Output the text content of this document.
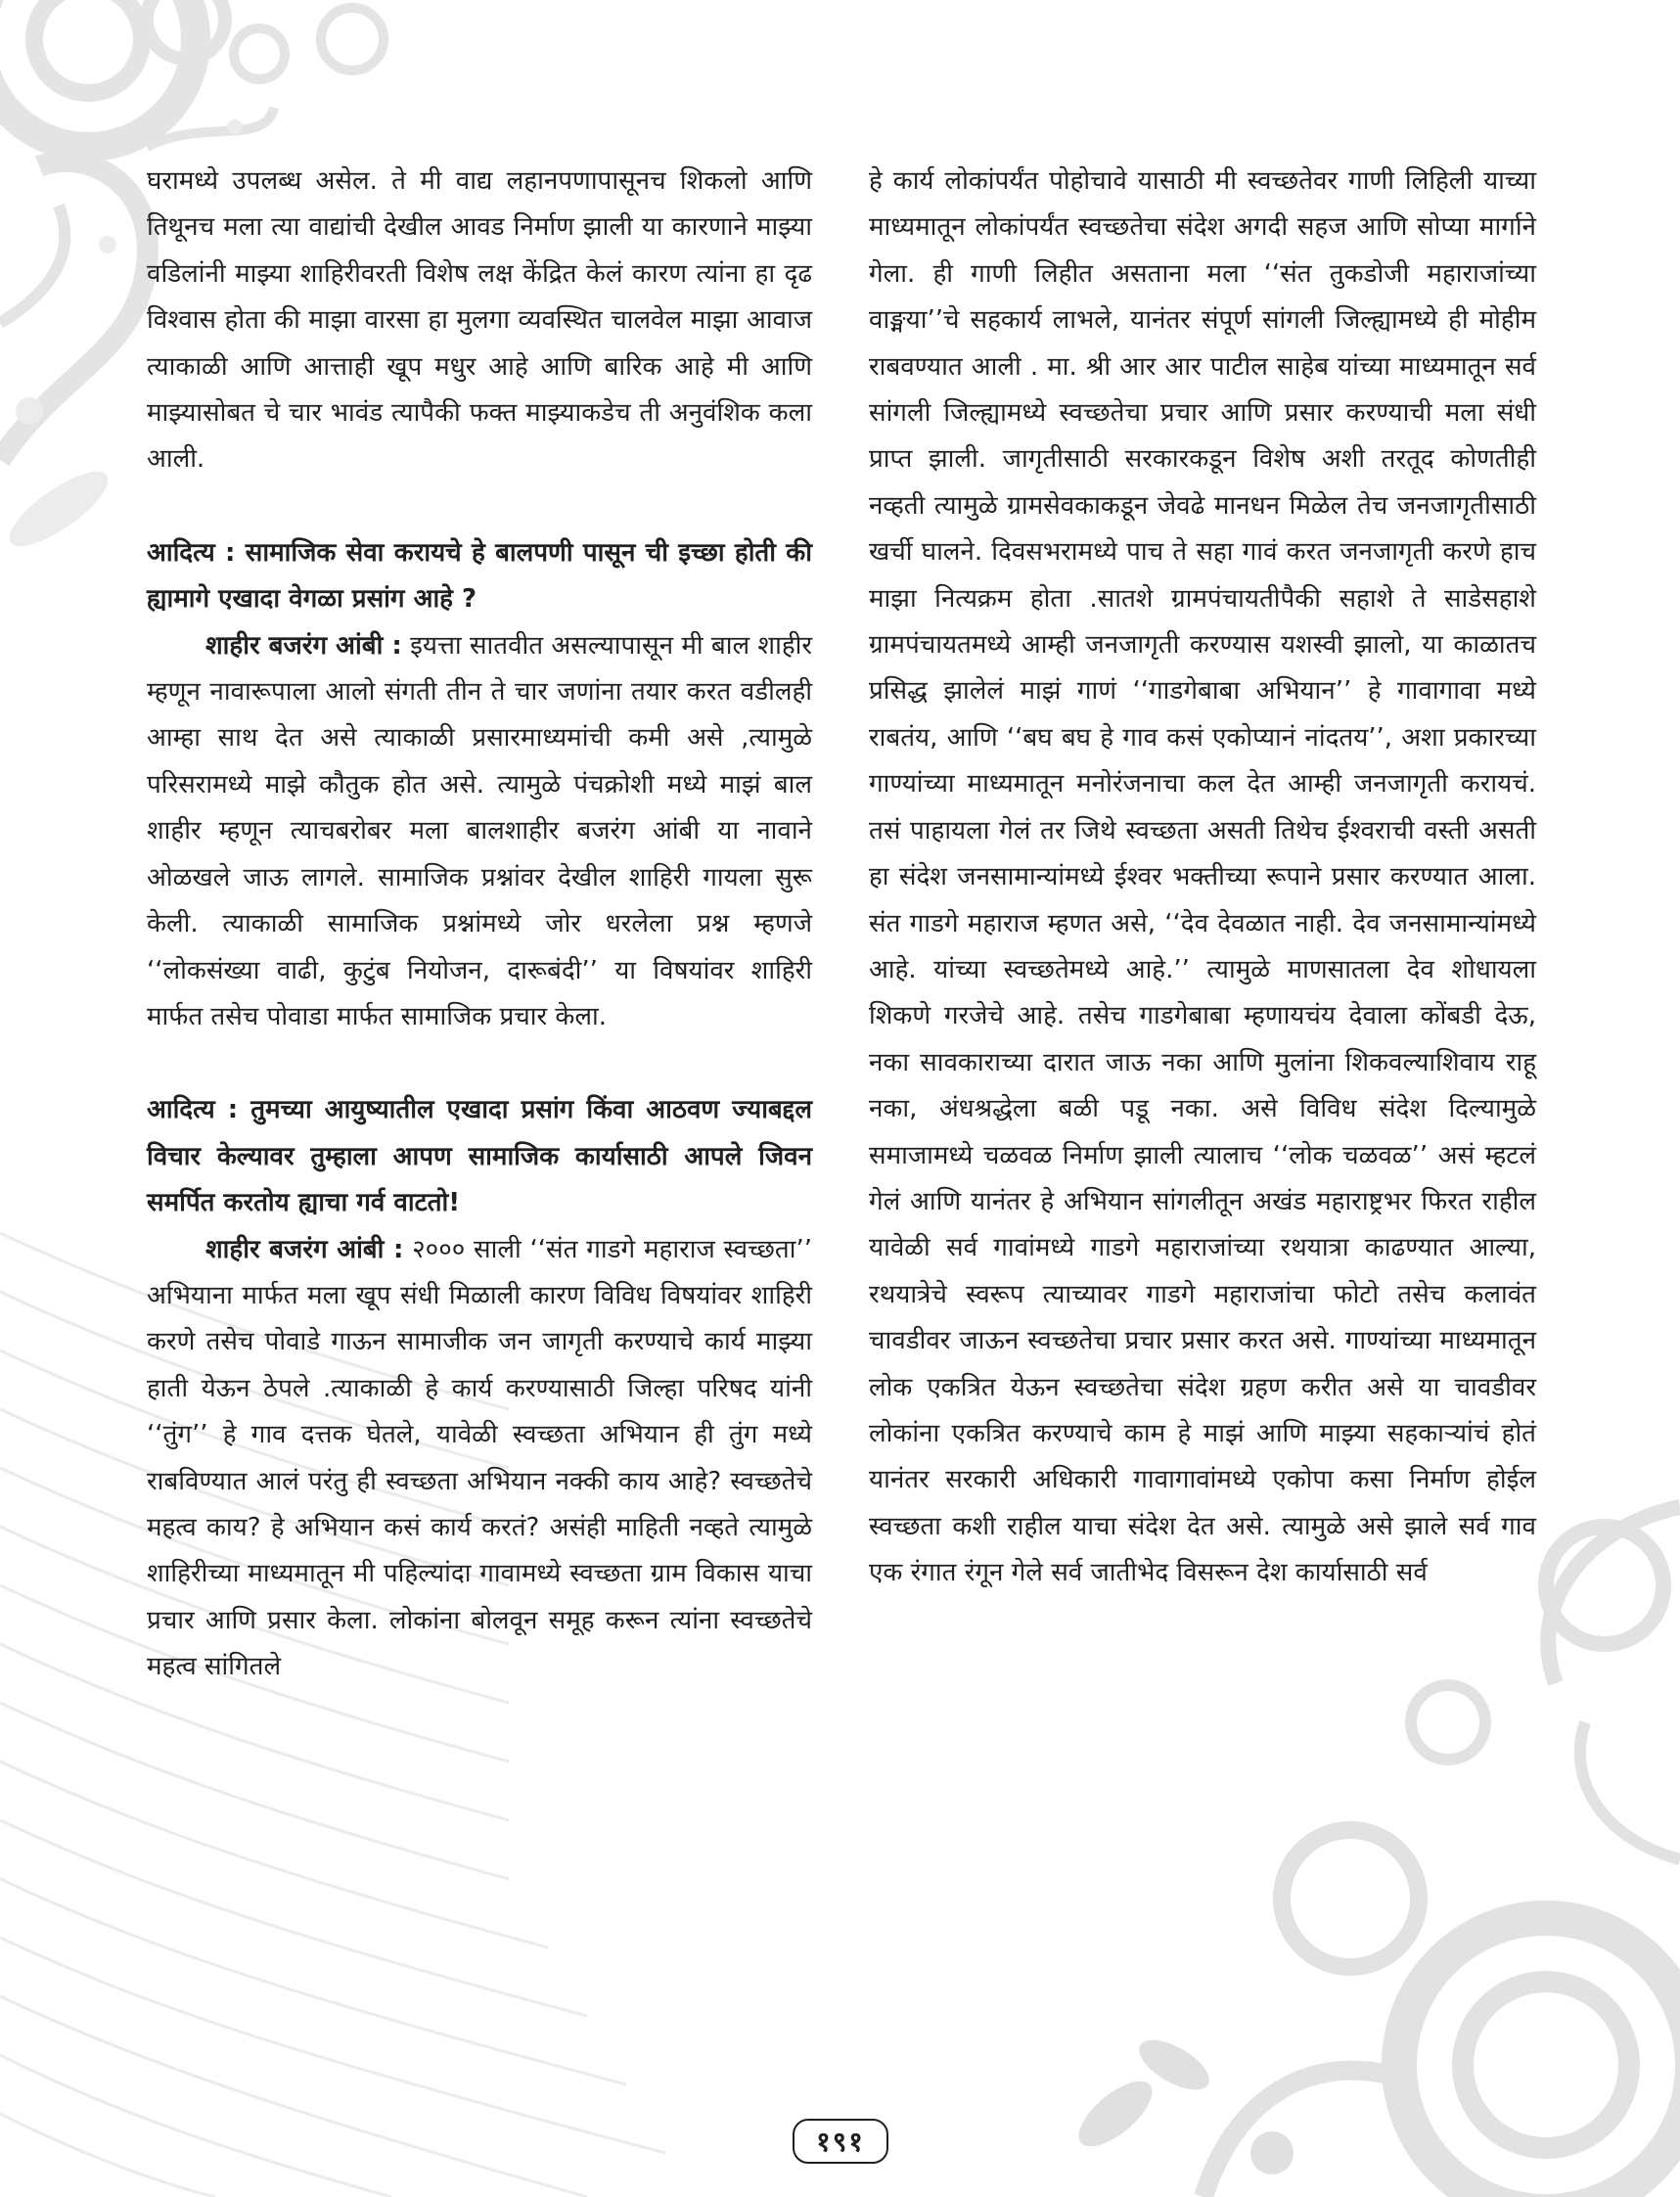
घरामध्ये उपलब्ध असेल. ते मी वाद्य लहानपणापासूनच शिकलो आणि तिथूनच मला त्या वाद्यांची देखील आवड निर्माण झाली या कारणाने माझ्या वडिलांनी माझ्या शाहिरीवरती विशेष लक्ष केंद्रित केलं कारण त्यांना हा दृढ विश्वास होता की माझा वारसा हा मुलगा व्यवस्थित चालवेल माझा आवाज त्याकाळी आणि आत्ताही खूप मधुर आहे आणि बारिक आहे मी आणि माझ्यासोबत चे चार भावंड त्यापैकी फक्त माझ्याकडेच ती अनुवंशिक कला आली.

आदित्य : सामाजिक सेवा करायचे हे बालपणी पासून ची इच्छा होती की ह्यामागे एखादा वेगळा प्रसांग आहे ?

शाहीर बजरंग आंबी : इयत्ता सातवीत असल्यापासून मी बाल शाहीर म्हणून नावारूपाला आलो संगती तीन ते चार जणांना तयार करत वडीलही आम्हा साथ देत असे त्याकाळी प्रसारमाध्यमांची कमी असे ,त्यामुळे परिसरामध्ये माझे कौतुक होत असे. त्यामुळे पंचक्रोशी मध्ये माझं बाल शाहीर म्हणून त्याचबरोबर मला बालशाहीर बजरंग आंबी या नावाने ओळखले जाऊ लागले. सामाजिक प्रश्नांवर देखील शाहिरी गायला सुरू केली. त्याकाळी सामाजिक प्रश्नांमध्ये जोर धरलेला प्रश्न म्हणजे ‘‘लोकसंख्या वाढी, कुटुंब नियोजन, दारूबंदी’’ या विषयांवर शाहिरी मार्फत तसेच पोवाडा मार्फत सामाजिक प्रचार केला.

आदित्य : तुमच्या आयुष्यातील एखादा प्रसांग किंवा आठवण ज्याबद्दल विचार केल्यावर तुम्हाला आपण सामाजिक कार्यासाठी आपले जिवन समर्पित करतोय ह्याचा गर्व वाटतो!

शाहीर बजरंग आंबी : २००० साली ‘‘संत गाडगे महाराज स्वच्छता’’ अभियाना मार्फत मला खूप संधी मिळाली कारण विविध विषयांवर शाहिरी करणे तसेच पोवाडे गाऊन सामाजीक जन जागृती करण्याचे कार्य माझ्या हाती येऊन ठेपले .त्याकाळी हे कार्य करण्यासाठी जिल्हा परिषद यांनी ‘‘तुंग’’ हे गाव दत्तक घेतले, यावेळी स्वच्छता अभियान ही तुंग मध्ये राबविण्यात आलं परंतु ही स्वच्छता अभियान नक्की काय आहे? स्वच्छतेचे महत्व काय? हे अभियान कसं कार्य करतं? असंही माहिती नव्हते त्यामुळे शाहिरीच्या माध्यमातून मी पहिल्यांदा गावामध्ये स्वच्छता ग्राम विकास याचा प्रचार आणि प्रसार केला. लोकांना बोलवून समूह करून त्यांना स्वच्छतेचे महत्व सांगितले

हे कार्य लोकांपर्यंत पोहोचावे यासाठी मी स्वच्छतेवर गाणी लिहिली याच्या माध्यमातून लोकांपर्यंत स्वच्छतेचा संदेश अगदी सहज आणि सोप्या मार्गाने गेला. ही गाणी लिहीत असताना मला ‘‘संत तुकडोजी महाराजांच्या वाङ्मया’’चे सहकार्य लाभले, यानंतर संपूर्ण सांगली जिल्ह्यामध्ये ही मोहीम राबवण्यात आली . मा. श्री आर आर पाटील साहेब यांच्या माध्यमातून सर्व सांगली जिल्ह्यामध्ये स्वच्छतेचा प्रचार आणि प्रसार करण्याची मला संधी प्राप्त झाली. जागृतीसाठी सरकारकडून विशेष अशी तरतूद कोणतीही नव्हती त्यामुळे ग्रामसेवकाकडून जेवढे मानधन मिळेल तेच जनजागृतीसाठी खर्ची घालने. दिवसभरामध्ये पाच ते सहा गावं करत जनजागृती करणे हाच माझा नित्यक्रम होता .सातशे ग्रामपंचायतीपैकी सहाशे ते साडेसहाशे ग्रामपंचायतमध्ये आम्ही जनजागृती करण्यास यशस्वी झालो, या काळातच प्रसिद्ध झालेलं माझं गाणं ‘‘गाडगेबाबा अभियान’’ हे गावागावा मध्ये राबतंय, आणि ‘‘बघ बघ हे गाव कसं एकोप्यानं नांदतय’’, अशा प्रकारच्या गाण्यांच्या माध्यमातून मनोरंजनाचा कल देत आम्ही जनजागृती करायचं. तसं पाहायला गेलं तर जिथे स्वच्छता असती तिथेच ईश्वराची वस्ती असती हा संदेश जनसामान्यांमध्ये ईश्वर भक्तीच्या रूपाने प्रसार करण्यात आला. संत गाडगे महाराज म्हणत असे, ‘‘देव देवळात नाही. देव जनसामान्यांमध्ये आहे. यांच्या स्वच्छतेमध्ये आहे.’’ त्यामुळे माणसातला देव शोधायला शिकणे गरजेचे आहे. तसेच गाडगेबाबा म्हणायचंय देवाला कोंबडी देऊ, नका सावकाराच्या दारात जाऊ नका आणि मुलांना शिकवल्याशिवाय राहू नका, अंधश्रद्धेला बळी पडू नका. असे विविध संदेश दिल्यामुळे समाजामध्ये चळवळ निर्माण झाली त्यालाच ‘‘लोक चळवळ’’ असं म्हटलं गेलं आणि यानंतर हे अभियान सांगलीतून अखंड महाराष्ट्रभर फिरत राहील यावेळी सर्व गावांमध्ये गाडगे महाराजांच्या रथयात्रा काढण्यात आल्या, रथयात्रेचे स्वरूप त्याच्यावर गाडगे महाराजांचा फोटो तसेच कलावंत चावडीवर जाऊन स्वच्छतेचा प्रचार प्रसार करत असे. गाण्यांच्या माध्यमातून लोक एकत्रित येऊन स्वच्छतेचा संदेश ग्रहण करीत असे या चावडीवर लोकांना एकत्रित करण्याचे काम हे माझं आणि माझ्या सहकाऱ्यांचं होतं यानंतर सरकारी अधिकारी गावागावांमध्ये एकोपा कसा निर्माण होईल स्वच्छता कशी राहील याचा संदेश देत असे. त्यामुळे असे झाले सर्व गाव एक रंगात रंगून गेले सर्व जातीभेद विसरून देश कार्यासाठी सर्व

१९१
